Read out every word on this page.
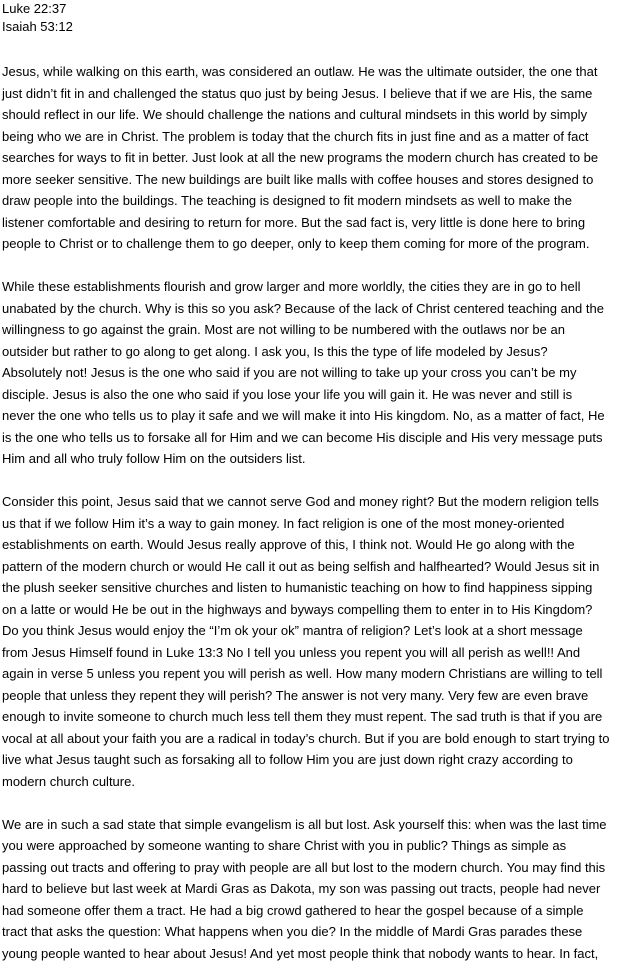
Luke 22:37
Isaiah 53:12
Jesus, while walking on this earth, was considered an outlaw. He was the ultimate outsider, the one that
just didn’t fit in and challenged the status quo just by being Jesus. I believe that if we are His, the same
should reflect in our life. We should challenge the nations and cultural mindsets in this world by simply
being who we are in Christ. The problem is today that the church fits in just fine and as a matter of fact
searches for ways to fit in better. Just look at all the new programs the modern church has created to be
more seeker sensitive. The new buildings are built like malls with coffee houses and stores designed to
draw people into the buildings. The teaching is designed to fit modern mindsets as well to make the
listener comfortable and desiring to return for more. But the sad fact is, very little is done here to bring
people to Christ or to challenge them to go deeper, only to keep them coming for more of the program.
While these establishments flourish and grow larger and more worldly, the cities they are in go to hell
unabated by the church. Why is this so you ask? Because of the lack of Christ centered teaching and the
willingness to go against the grain. Most are not willing to be numbered with the outlaws nor be an
outsider but rather to go along to get along. I ask you, Is this the type of life modeled by Jesus?
Absolutely not! Jesus is the one who said if you are not willing to take up your cross you can’t be my
disciple. Jesus is also the one who said if you lose your life you will gain it. He was never and still is
never the one who tells us to play it safe and we will make it into His kingdom. No, as a matter of fact, He
is the one who tells us to forsake all for Him and we can become His disciple and His very message puts
Him and all who truly follow Him on the outsiders list.
Consider this point, Jesus said that we cannot serve God and money right? But the modern religion tells
us that if we follow Him it’s a way to gain money. In fact religion is one of the most money-oriented
establishments on earth. Would Jesus really approve of this, I think not. Would He go along with the
pattern of the modern church or would He call it out as being selfish and halfhearted? Would Jesus sit in
the plush seeker sensitive churches and listen to humanistic teaching on how to find happiness sipping
on a latte or would He be out in the highways and byways compelling them to enter in to His Kingdom?
Do you think Jesus would enjoy the “I’m ok your ok” mantra of religion? Let’s look at a short message
from Jesus Himself found in Luke 13:3 No I tell you unless you repent you will all perish as well!! And
again in verse 5 unless you repent you will perish as well. How many modern Christians are willing to tell
people that unless they repent they will perish? The answer is not very many. Very few are even brave
enough to invite someone to church much less tell them they must repent. The sad truth is that if you are
vocal at all about your faith you are a radical in today’s church. But if you are bold enough to start trying to
live what Jesus taught such as forsaking all to follow Him you are just down right crazy according to
modern church culture.
We are in such a sad state that simple evangelism is all but lost. Ask yourself this: when was the last time
you were approached by someone wanting to share Christ with you in public? Things as simple as
passing out tracts and offering to pray with people are all but lost to the modern church. You may find this
hard to believe but last week at Mardi Gras as Dakota, my son was passing out tracts, people had never
had someone offer them a tract. He had a big crowd gathered to hear the gospel because of a simple
tract that asks the question: What happens when you die? In the middle of Mardi Gras parades these
young people wanted to hear about Jesus! And yet most people think that nobody wants to hear. In fact,
